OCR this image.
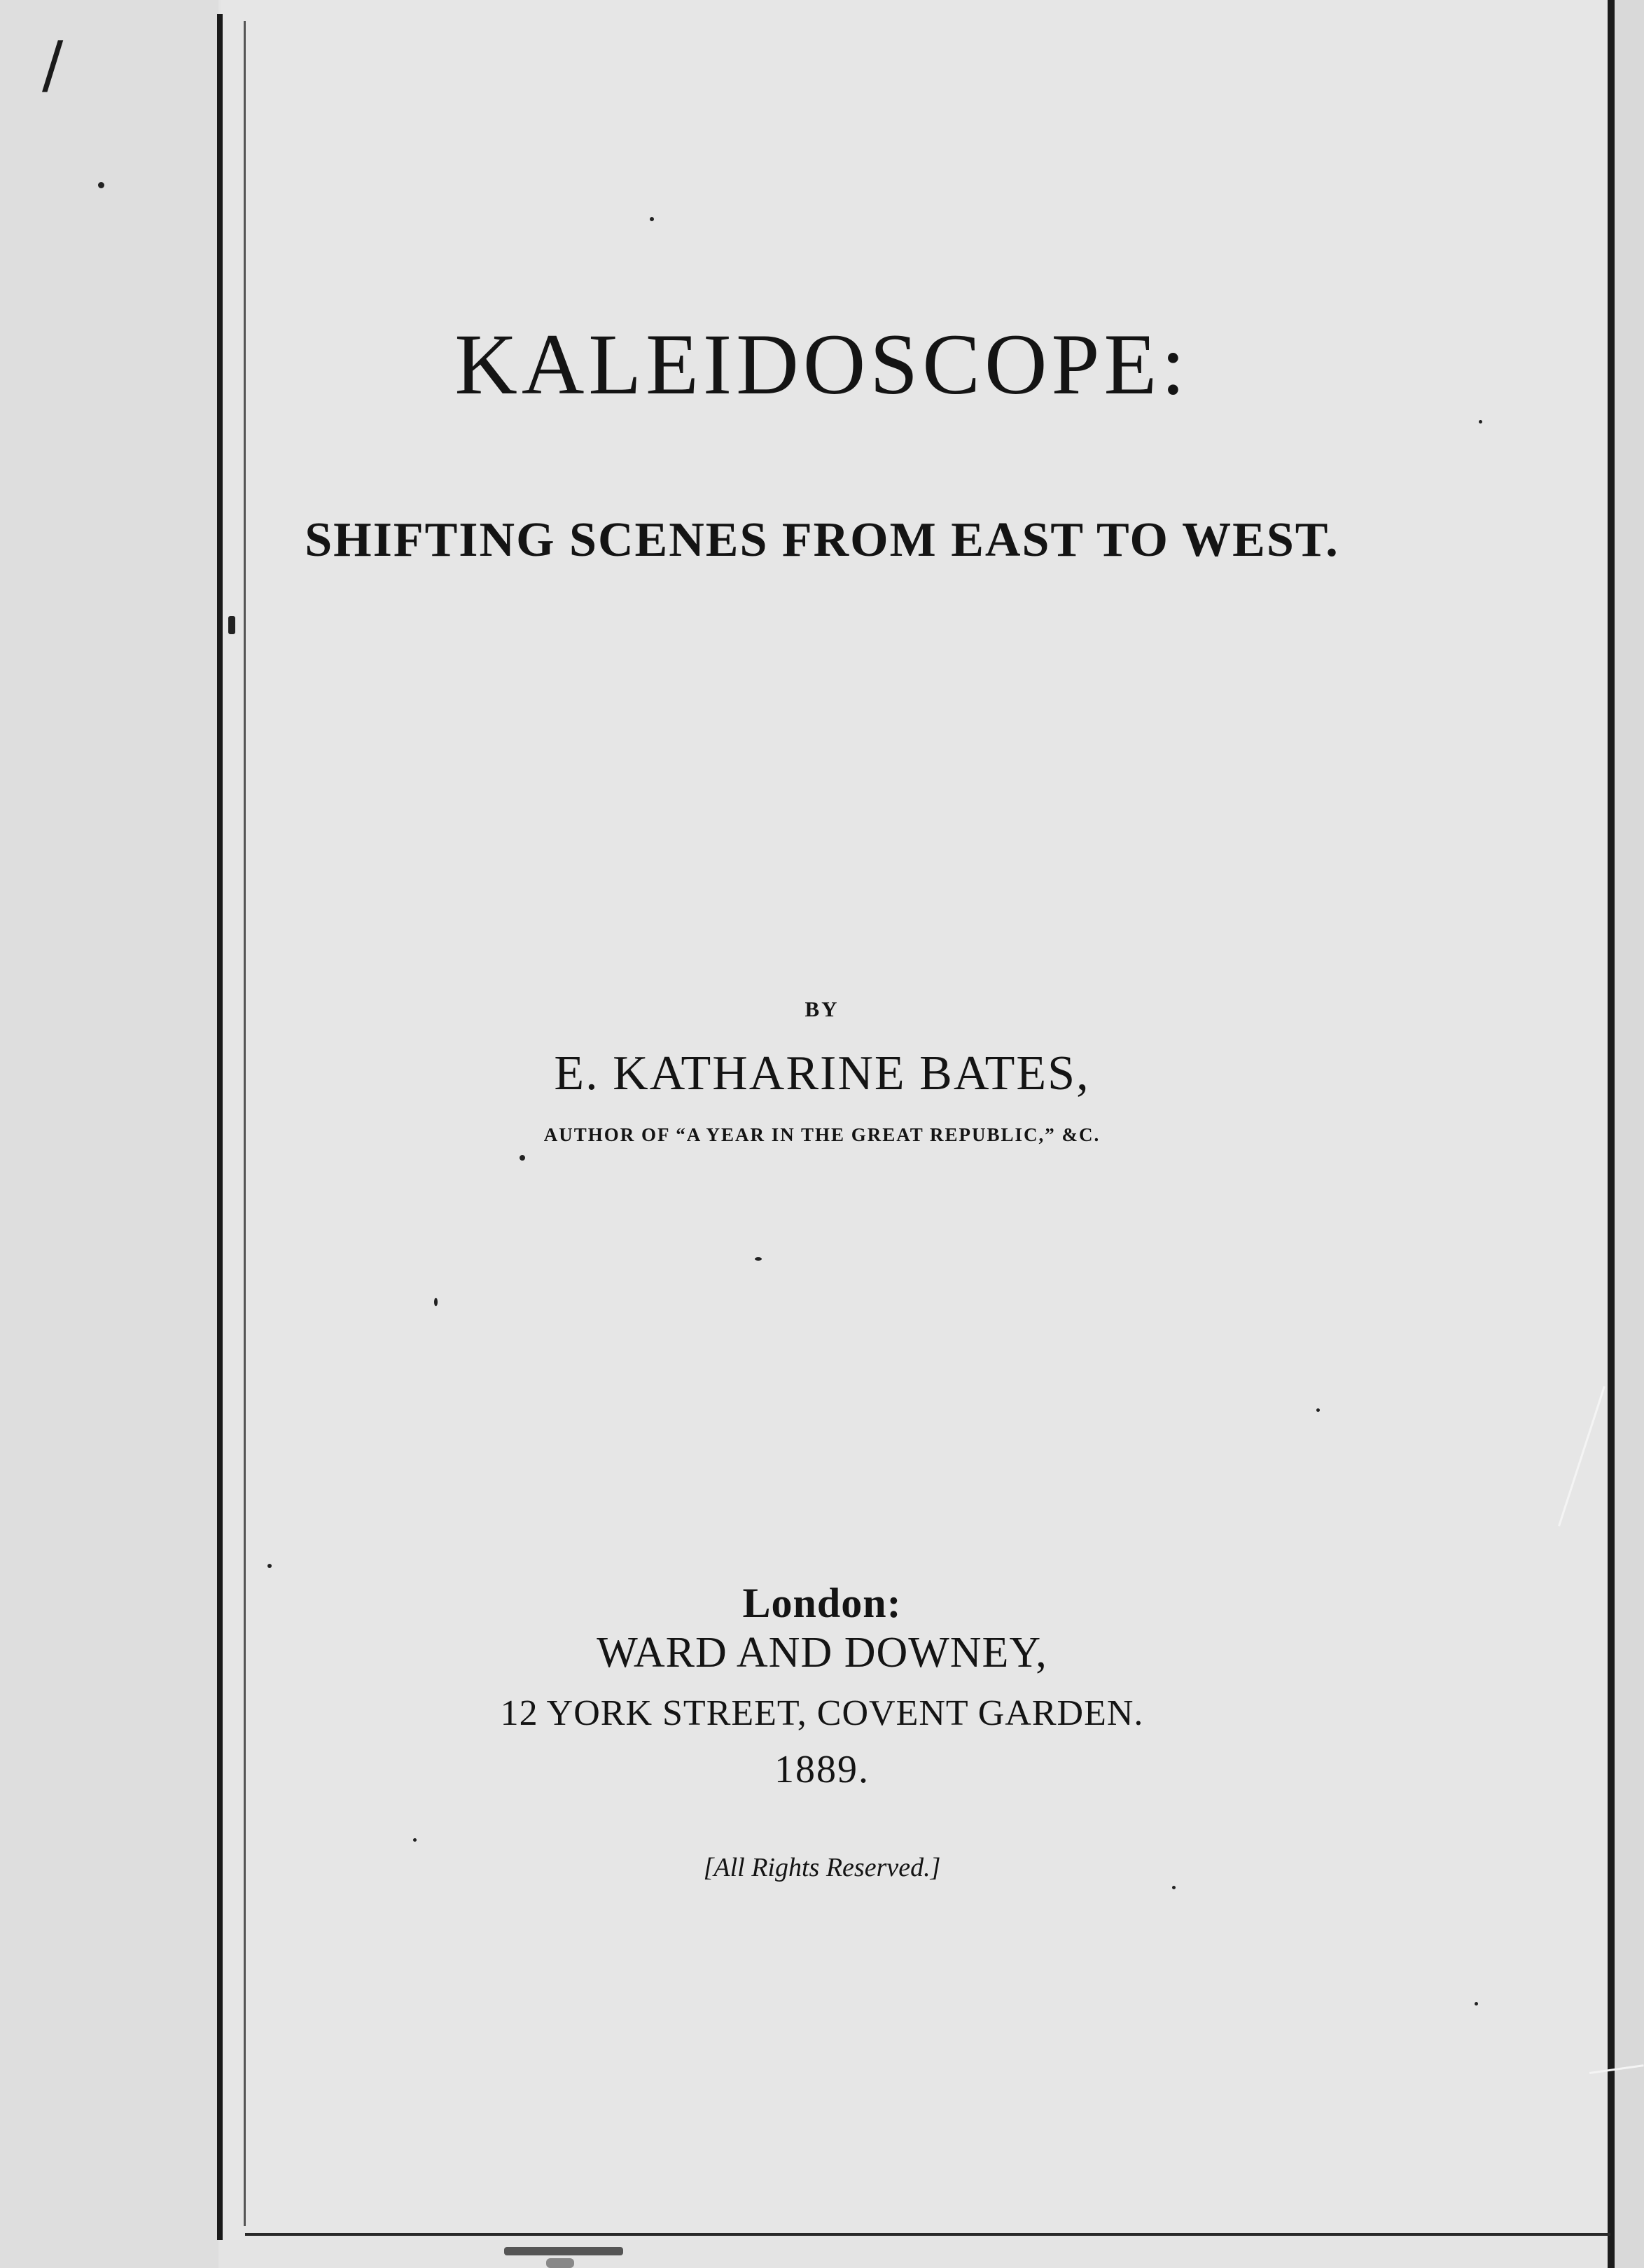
∕
KALEIDOSCOPE:
SHIFTING SCENES FROM EAST TO WEST.
BY
E. KATHARINE BATES,
AUTHOR OF “A YEAR IN THE GREAT REPUBLIC,” &C.
London:
WARD AND DOWNEY,
12 YORK STREET, COVENT GARDEN.
1889.
[All Rights Reserved.]
